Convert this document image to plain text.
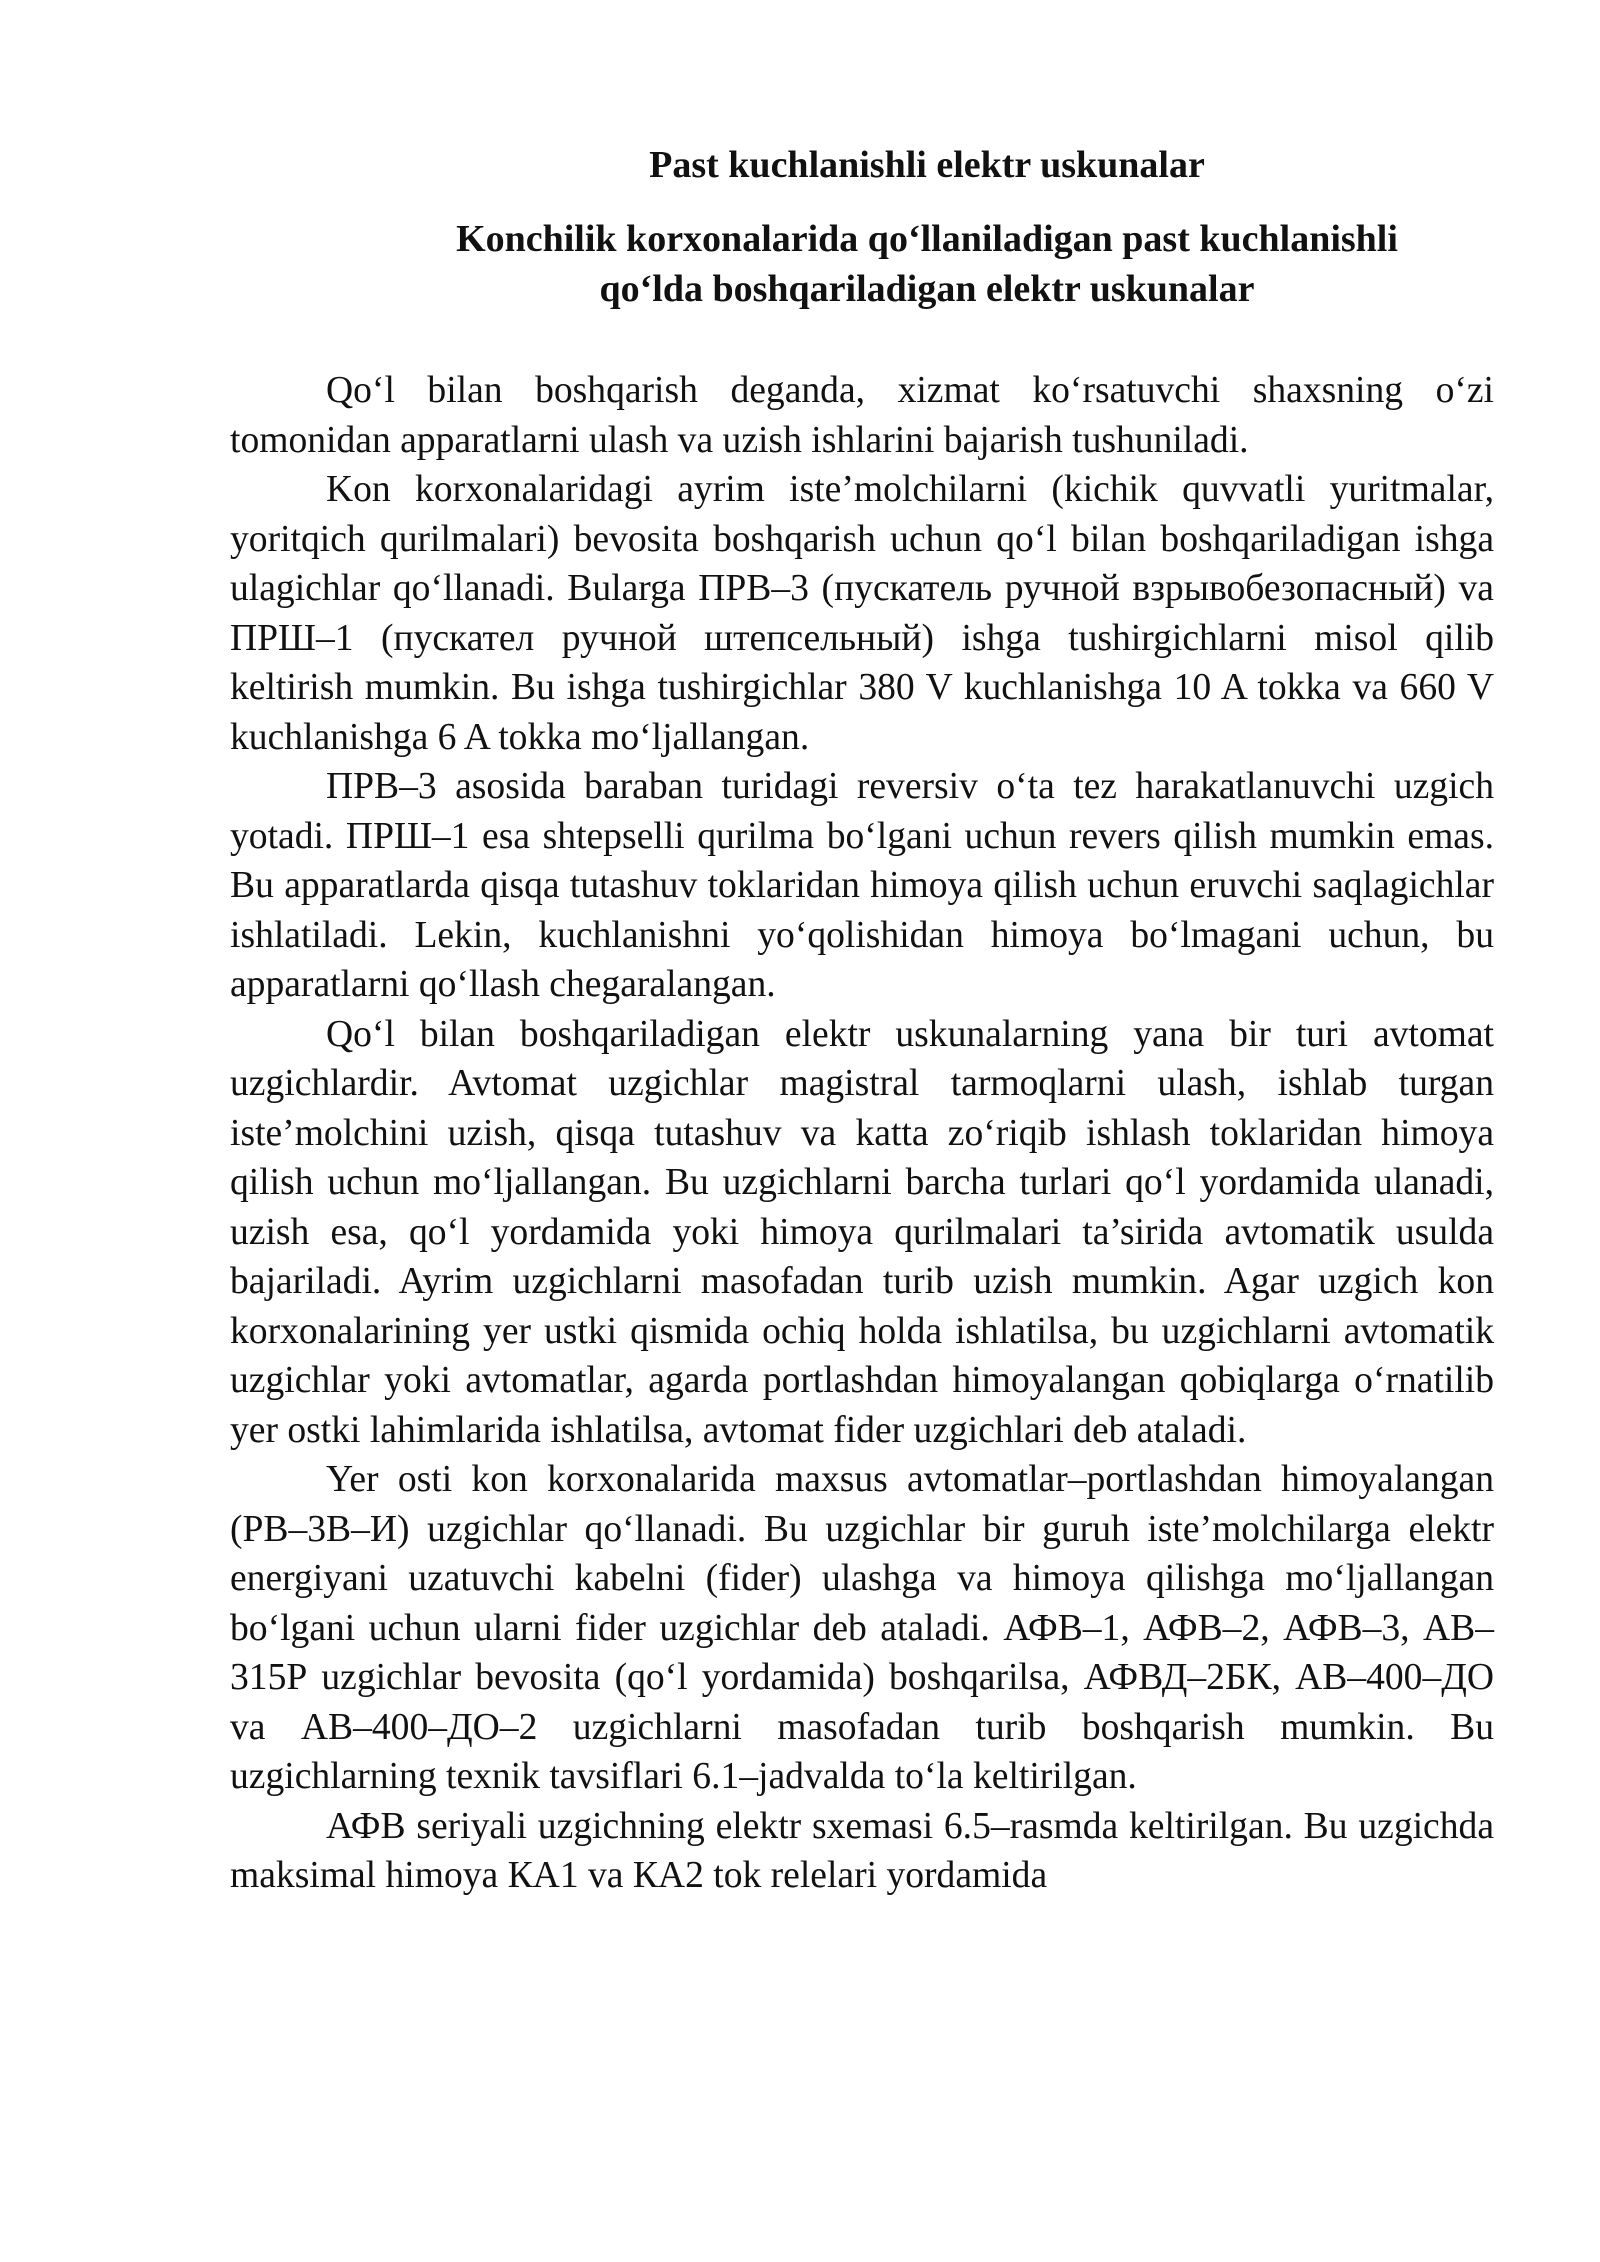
Past kuchlanishli elektr uskunalar
Konchilik korxonalarida qo‘llaniladigan past kuchlanishli
qo‘lda boshqariladigan elektr uskunalar

Qo‘l bilan boshqarish deganda, xizmat ko‘rsatuvchi shaxsning o‘zi tomonidan apparatlarni ulash va uzish ishlarini bajarish tushuniladi.

Kon korxonalaridagi ayrim iste’molchilarni (kichik quvvatli yuritmalar, yoritqich qurilmalari) bevosita boshqarish uchun qo‘l bilan boshqariladigan ishga ulagichlar qo‘llanadi. Bularga ПРВ–3 (пускатель ручной взрывобезопасный) va ПРШ–1 (пускател ручной штепсельный) ishga tushirgichlarni misol qilib keltirish mumkin. Bu ishga tushirgichlar 380 V kuchlanishga 10 A tokka va 660 V kuchlanishga 6 A tokka mo‘ljallangan.

ПРВ–3 asosida baraban turidagi reversiv o‘ta tez harakatlanuvchi uzgich yotadi. ПРШ–1 esa shtepselli qurilma bo‘lgani uchun revers qilish mumkin emas. Bu apparatlarda qisqa tutashuv toklaridan himoya qilish uchun eruvchi saqlagichlar ishlatiladi. Lekin, kuchlanishni yo‘qolishidan himoya bo‘lmagani uchun, bu apparatlarni qo‘llash chegaralangan.

Qo‘l bilan boshqariladigan elektr uskunalarning yana bir turi avtomat uzgichlardir. Avtomat uzgichlar magistral tarmoqlarni ulash, ishlab turgan iste’molchini uzish, qisqa tutashuv va katta zo‘riqib ishlash toklaridan himoya qilish uchun mo‘ljallangan. Bu uzgichlarni barcha turlari qo‘l yordamida ulanadi, uzish esa, qo‘l yordamida yoki himoya qurilmalari ta’sirida avtomatik usulda bajariladi. Ayrim uzgichlarni masofadan turib uzish mumkin. Agar uzgich kon korxonalarining yer ustki qismida ochiq holda ishlatilsa, bu uzgichlarni avtomatik uzgichlar yoki avtomatlar, agarda portlashdan himoyalangan qobiqlarga o‘rnatilib yer ostki lahimlarida ishlatilsa, avtomat fider uzgichlari deb ataladi.

Yer osti kon korxonalarida maxsus avtomatlar–portlashdan himoyalangan (РВ–3В–И) uzgichlar qo‘llanadi. Bu uzgichlar bir guruh iste’molchilarga elektr energiyani uzatuvchi kabelni (fider) ulashga va himoya qilishga mo‘ljallangan bo‘lgani uchun ularni fider uzgichlar deb ataladi. АФВ–1, АФВ–2, АФВ–3, АВ–315Р uzgichlar bevosita (qo‘l yordamida) boshqarilsa, АФВД–2БК, АВ–400–ДО va АВ–400–ДО–2 uzgichlarni masofadan turib boshqarish mumkin. Bu uzgichlarning texnik tavsiflari 6.1–jadvalda to‘la keltirilgan.

АФВ seriyali uzgichning elektr sxemasi 6.5–rasmda keltirilgan. Bu uzgichda maksimal himoya КА1 va КА2 tok relelari yordamida
